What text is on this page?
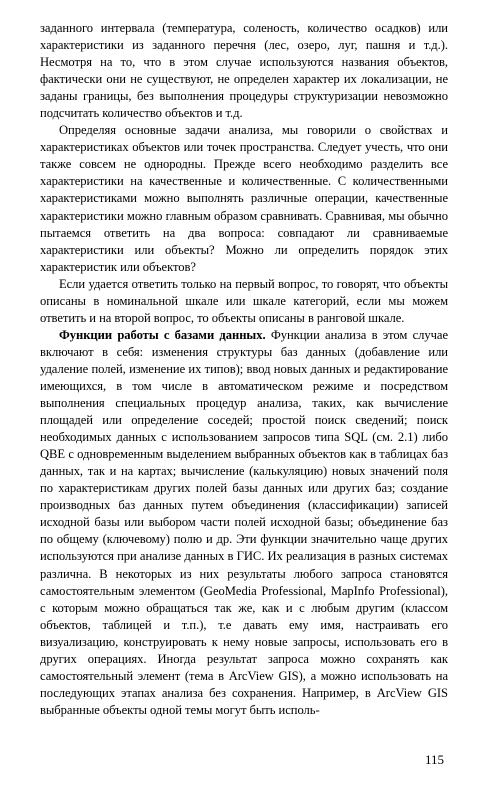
заданного интервала (температура, соленость, количество осадков) или характеристики из заданного перечня (лес, озеро, луг, пашня и т.д.). Несмотря на то, что в этом случае используются названия объектов, фактически они не существуют, не определен характер их локализации, не заданы границы, без выполнения процедуры структуризации невозможно подсчитать количество объектов и т.д.

Определяя основные задачи анализа, мы говорили о свойствах и характеристиках объектов или точек пространства. Следует учесть, что они также совсем не однородны. Прежде всего необходимо разделить все характеристики на качественные и количественные. С количественными характеристиками можно выполнять различные операции, качественные характеристики можно главным образом сравнивать. Сравнивая, мы обычно пытаемся ответить на два вопроса: совпадают ли сравниваемые характеристики или объекты? Можно ли определить порядок этих характеристик или объектов?

Если удается ответить только на первый вопрос, то говорят, что объекты описаны в номинальной шкале или шкале категорий, если мы можем ответить и на второй вопрос, то объекты описаны в ранговой шкале.

Функции работы с базами данных. Функции анализа в этом случае включают в себя: изменения структуры баз данных (добавление или удаление полей, изменение их типов); ввод новых данных и редактирование имеющихся, в том числе в автоматическом режиме и посредством выполнения специальных процедур анализа, таких, как вычисление площадей или определение соседей; простой поиск сведений; поиск необходимых данных с использованием запросов типа SQL (см. 2.1) либо QBE с одновременным выделением выбранных объектов как в таблицах баз данных, так и на картах; вычисление (калькуляцию) новых значений поля по характеристикам других полей базы данных или других баз; создание производных баз данных путем объединения (классификации) записей исходной базы или выбором части полей исходной базы; объединение баз по общему (ключевому) полю и др. Эти функции значительно чаще других используются при анализе данных в ГИС. Их реализация в разных системах различна. В некоторых из них результаты любого запроса становятся самостоятельным элементом (GeoMedia Professional, MapInfo Professional), с которым можно обращаться так же, как и с любым другим (классом объектов, таблицей и т.п.), т.е давать ему имя, настраивать его визуализацию, конструировать к нему новые запросы, использовать его в других операциях. Иногда результат запроса можно сохранять как самостоятельный элемент (тема в ArcView GIS), а можно использовать на последующих этапах анализа без сохранения. Например, в ArcView GIS выбранные объекты одной темы могут быть исполь-

115
